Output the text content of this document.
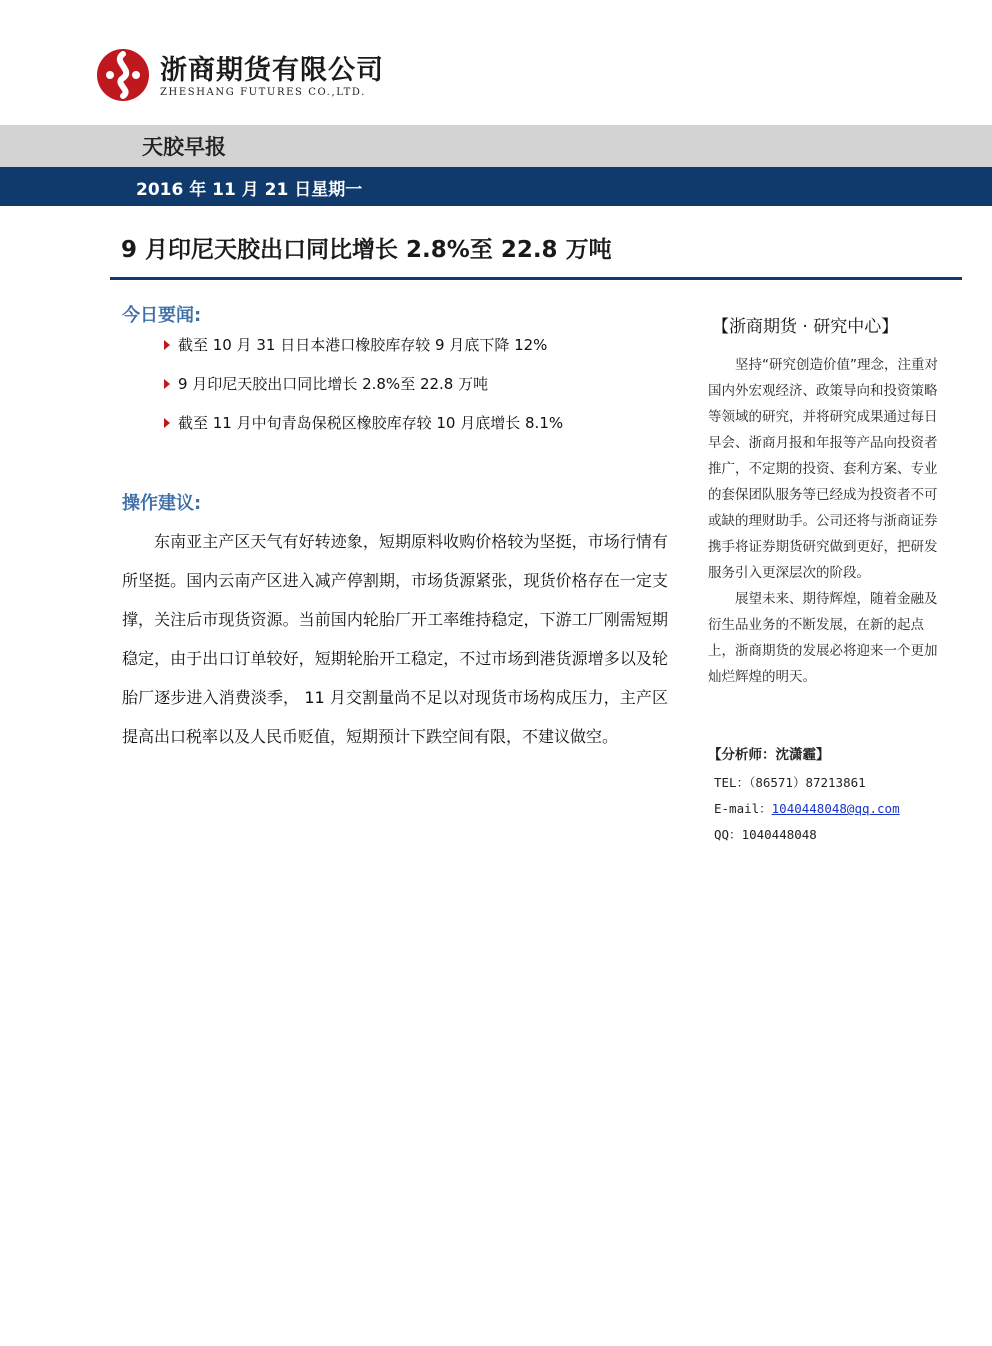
浙商期货有限公司
ZHESHANG FUTURES CO.,LTD.
天胶早报
2016 年 11 月 21 日星期一
9 月印尼天胶出口同比增长 2.8%至 22.8 万吨
今日要闻:
截至 10 月 31 日日本港口橡胶库存较 9 月底下降 12%
9 月印尼天胶出口同比增长 2.8%至 22.8 万吨
截至 11 月中旬青岛保税区橡胶库存较 10 月底增长 8.1%
操作建议:

东南亚主产区天气有好转迹象，短期原料收购价格较为坚挺，市场行情有所坚挺。国内云南产区进入减产停割期，市场货源紧张，现货价格存在一定支撑，关注后市现货资源。当前国内轮胎厂开工率维持稳定，下游工厂刚需短期稳定，由于出口订单较好，短期轮胎开工稳定，不过市场到港货源增多以及轮胎厂逐步进入消费淡季， 11 月交割量尚不足以对现货市场构成压力，主产区提高出口税率以及人民币贬值，短期预计下跌空间有限，不建议做空。

【浙商期货 · 研究中心】

坚持“研究创造价值”理念，注重对国内外宏观经济、政策导向和投资策略等领域的研究，并将研究成果通过每日早会、浙商月报和年报等产品向投资者推广，不定期的投资、套利方案、专业的套保团队服务等已经成为投资者不可或缺的理财助手。公司还将与浙商证券携手将证券期货研究做到更好，把研发服务引入更深层次的阶段。

展望未来、期待辉煌，随着金融及衍生品业务的不断发展，在新的起点上，浙商期货的发展必将迎来一个更加灿烂辉煌的明天。

【分析师：沈潇霾】
TEL：（86571）87213861
E-mail：1040448048@qq.com
QQ：1040448048
